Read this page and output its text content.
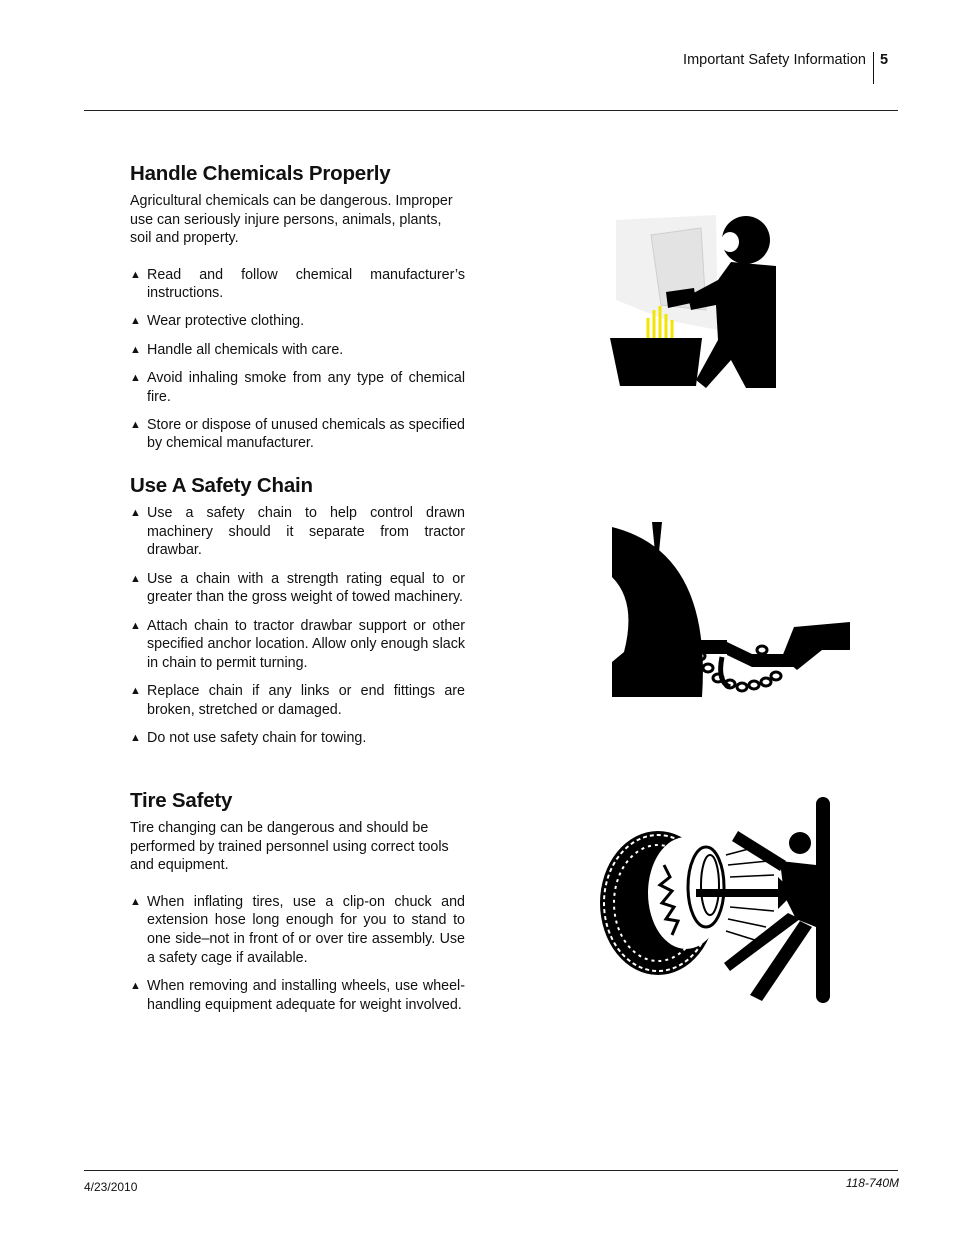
Important Safety Information 5
Handle Chemicals Properly

Agricultural chemicals can be dangerous. Improper use can seriously injure persons, animals, plants, soil and property.

▲ Read and follow chemical manufacturer’s instructions.
▲ Wear protective clothing.
▲ Handle all chemicals with care.
▲ Avoid inhaling smoke from any type of chemical fire.
▲ Store or dispose of unused chemicals as specified by chemical manufacturer.
Use A Safety Chain
▲ Use a safety chain to help control drawn machinery should it separate from tractor drawbar.
▲ Use a chain with a strength rating equal to or greater than the gross weight of towed machinery.
▲ Attach chain to tractor drawbar support or other specified anchor location. Allow only enough slack in chain to permit turning.
▲ Replace chain if any links or end fittings are broken, stretched or damaged.
▲ Do not use safety chain for towing.
Tire Safety

Tire changing can be dangerous and should be performed by trained personnel using correct tools and equipment.

▲ When inflating tires, use a clip-on chuck and extension hose long enough for you to stand to one side–not in front of or over tire assembly. Use a safety cage if available.
▲ When removing and installing wheels, use wheel-handling equipment adequate for weight involved.
4/23/2010	118-740M
